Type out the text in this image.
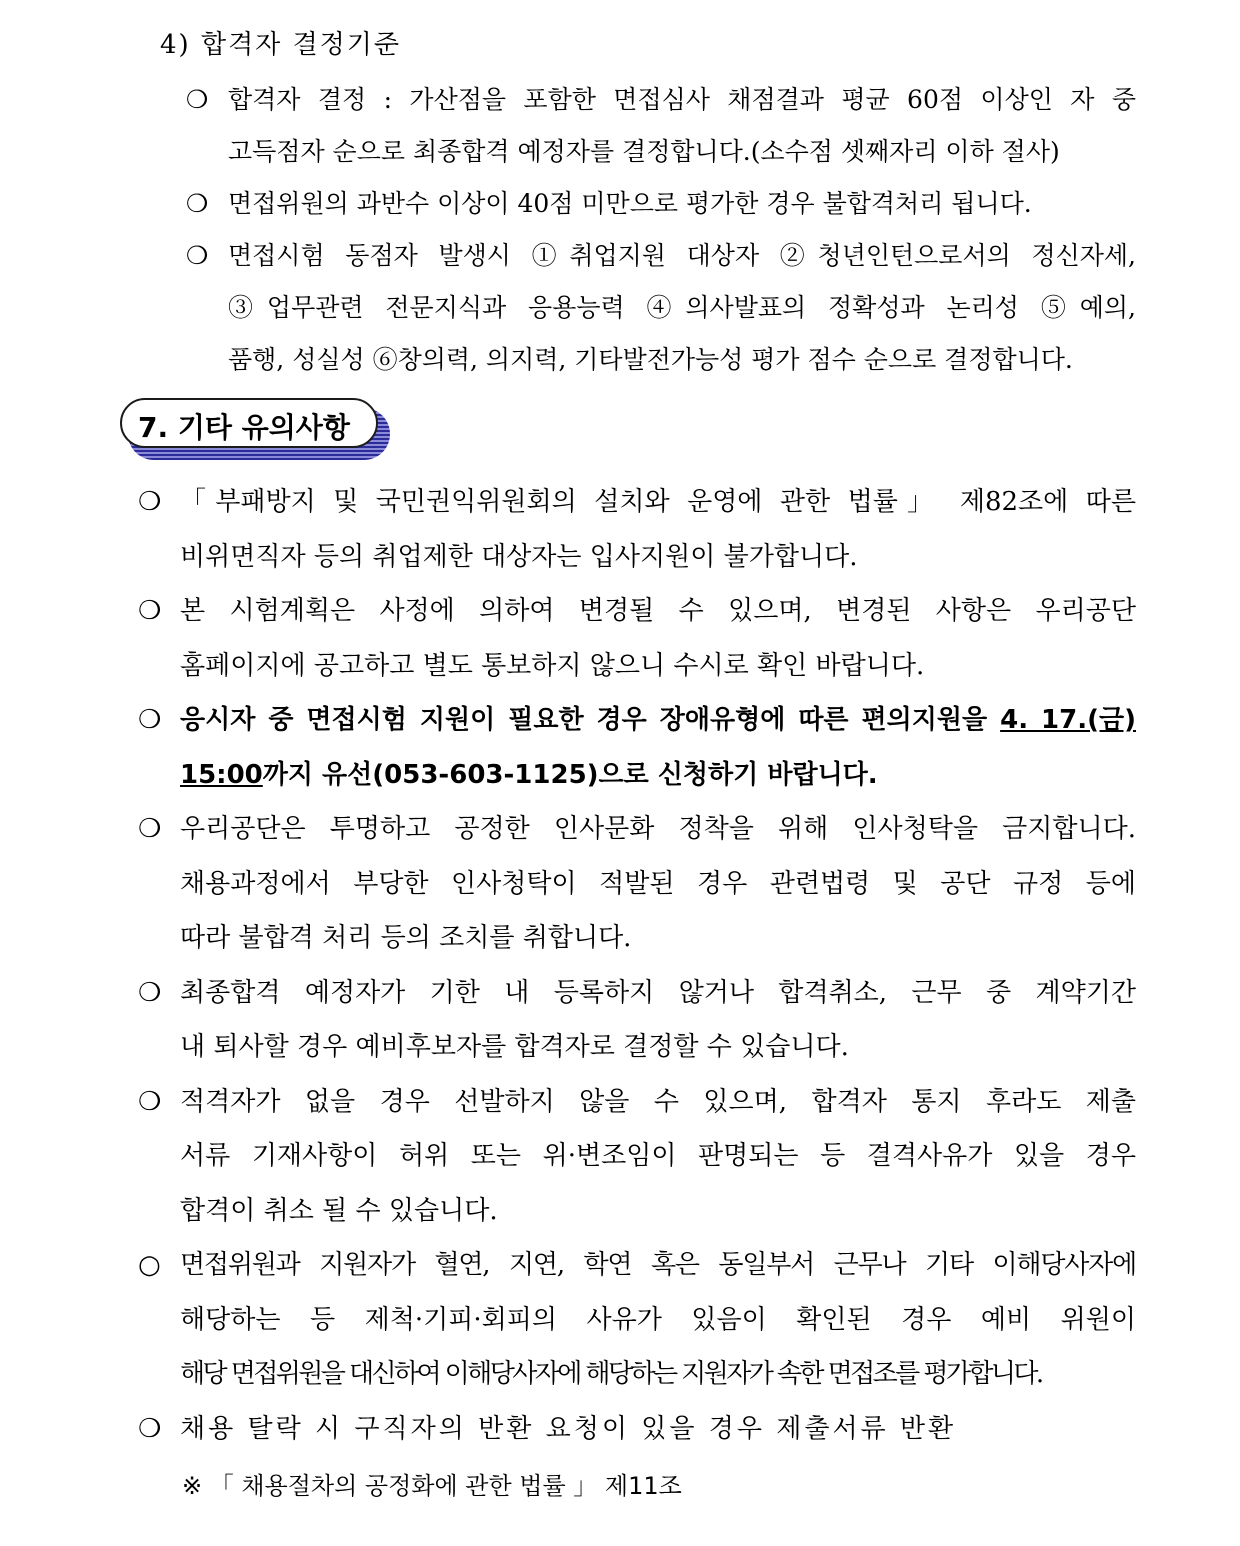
4) 합격자 결정기준
❍ 합격자 결정 : 가산점을 포함한 면접심사 채점결과 평균 60점 이상인 자 중
고득점자 순으로 최종합격 예정자를 결정합니다.(소수점 셋째자리 이하 절사)
❍ 면접위원의 과반수 이상이 40점 미만으로 평가한 경우 불합격처리 됩니다.
❍ 면접시험 동점자 발생시 ①취업지원 대상자 ②청년인턴으로서의 정신자세,
③업무관련 전문지식과 응용능력 ④의사발표의 정확성과 논리성 ⑤예의,
품행, 성실성 ⑥창의력, 의지력, 기타발전가능성 평가 점수 순으로 결정합니다.
7. 기타 유의사항
❍ 「부패방지 및 국민권익위원회의 설치와 운영에 관한 법률」 제82조에 따른
비위면직자 등의 취업제한 대상자는 입사지원이 불가합니다.
❍ 본 시험계획은 사정에 의하여 변경될 수 있으며, 변경된 사항은 우리공단
홈페이지에 공고하고 별도 통보하지 않으니 수시로 확인 바랍니다.
❍ 응시자 중 면접시험 지원이 필요한 경우 장애유형에 따른 편의지원을 4. 17.(금)
15:00까지 유선(053-603-1125)으로 신청하기 바랍니다.
❍ 우리공단은 투명하고 공정한 인사문화 정착을 위해 인사청탁을 금지합니다.
채용과정에서 부당한 인사청탁이 적발된 경우 관련법령 및 공단 규정 등에
따라 불합격 처리 등의 조치를 취합니다.
❍ 최종합격 예정자가 기한 내 등록하지 않거나 합격취소, 근무 중 계약기간
내 퇴사할 경우 예비후보자를 합격자로 결정할 수 있습니다.
❍ 적격자가 없을 경우 선발하지 않을 수 있으며, 합격자 통지 후라도 제출
서류 기재사항이 허위 또는 위·변조임이 판명되는 등 결격사유가 있을 경우
합격이 취소 될 수 있습니다.
○ 면접위원과 지원자가 혈연, 지연, 학연 혹은 동일부서 근무나 기타 이해당사자에
해당하는 등 제척·기피·회피의 사유가 있음이 확인된 경우 예비 위원이
해당 면접위원을 대신하여 이해당사자에 해당하는 지원자가 속한 면접조를 평가합니다.
❍ 채용 탈락 시 구직자의 반환 요청이 있을 경우 제출서류 반환
※ 「 채용절차의 공정화에 관한 법률 」 제11조
